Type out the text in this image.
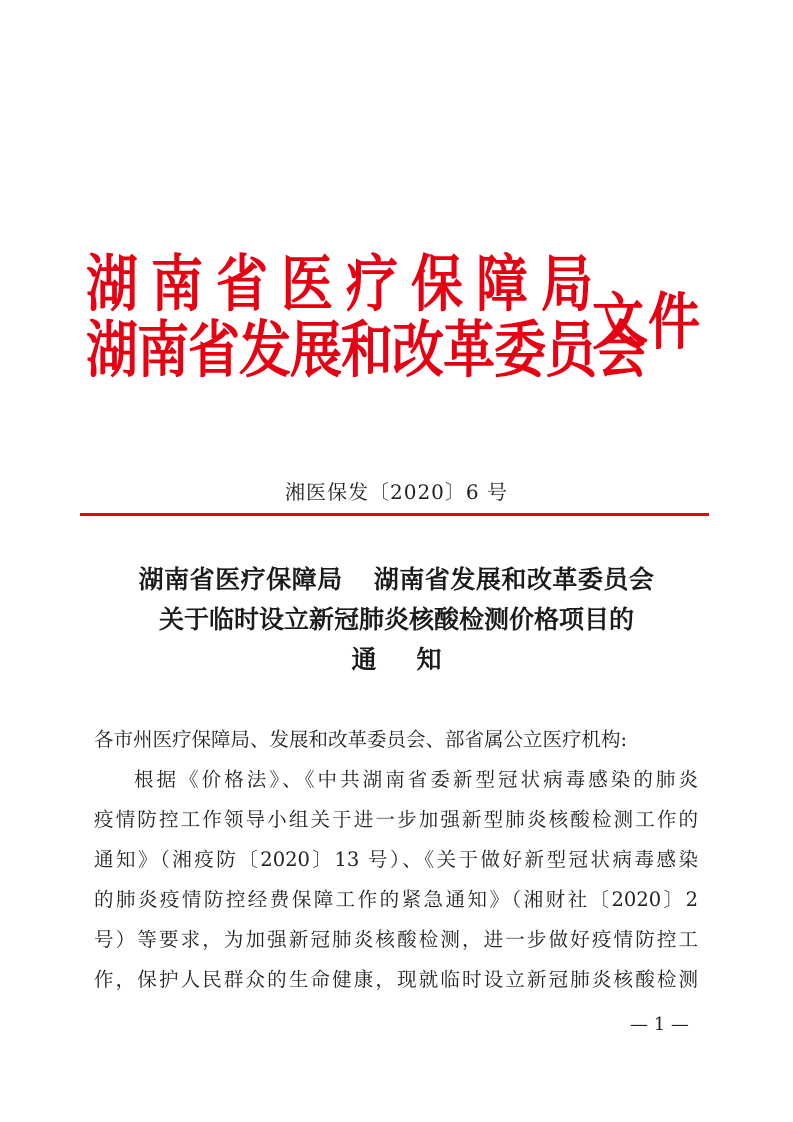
湖南省医疗保障局
湖南省发展和改革委员会
文件
湘医保发〔2020〕6 号
湖南省医疗保障局 湖南省发展和改革委员会
关于临时设立新冠肺炎核酸检测价格项目的
通知
各市州医疗保障局、发展和改革委员会、部省属公立医疗机构:
根据《价格法》、《中共湖南省委新型冠状病毒感染的肺炎
疫情防控工作领导小组关于进一步加强新型肺炎核酸检测工作的
通知》（湘疫防〔2020〕13 号）、《关于做好新型冠状病毒感染
的肺炎疫情防控经费保障工作的紧急通知》（湘财社〔2020〕2
号）等要求，为加强新冠肺炎核酸检测，进一步做好疫情防控工
作，保护人民群众的生命健康，现就临时设立新冠肺炎核酸检测
— 1 —
